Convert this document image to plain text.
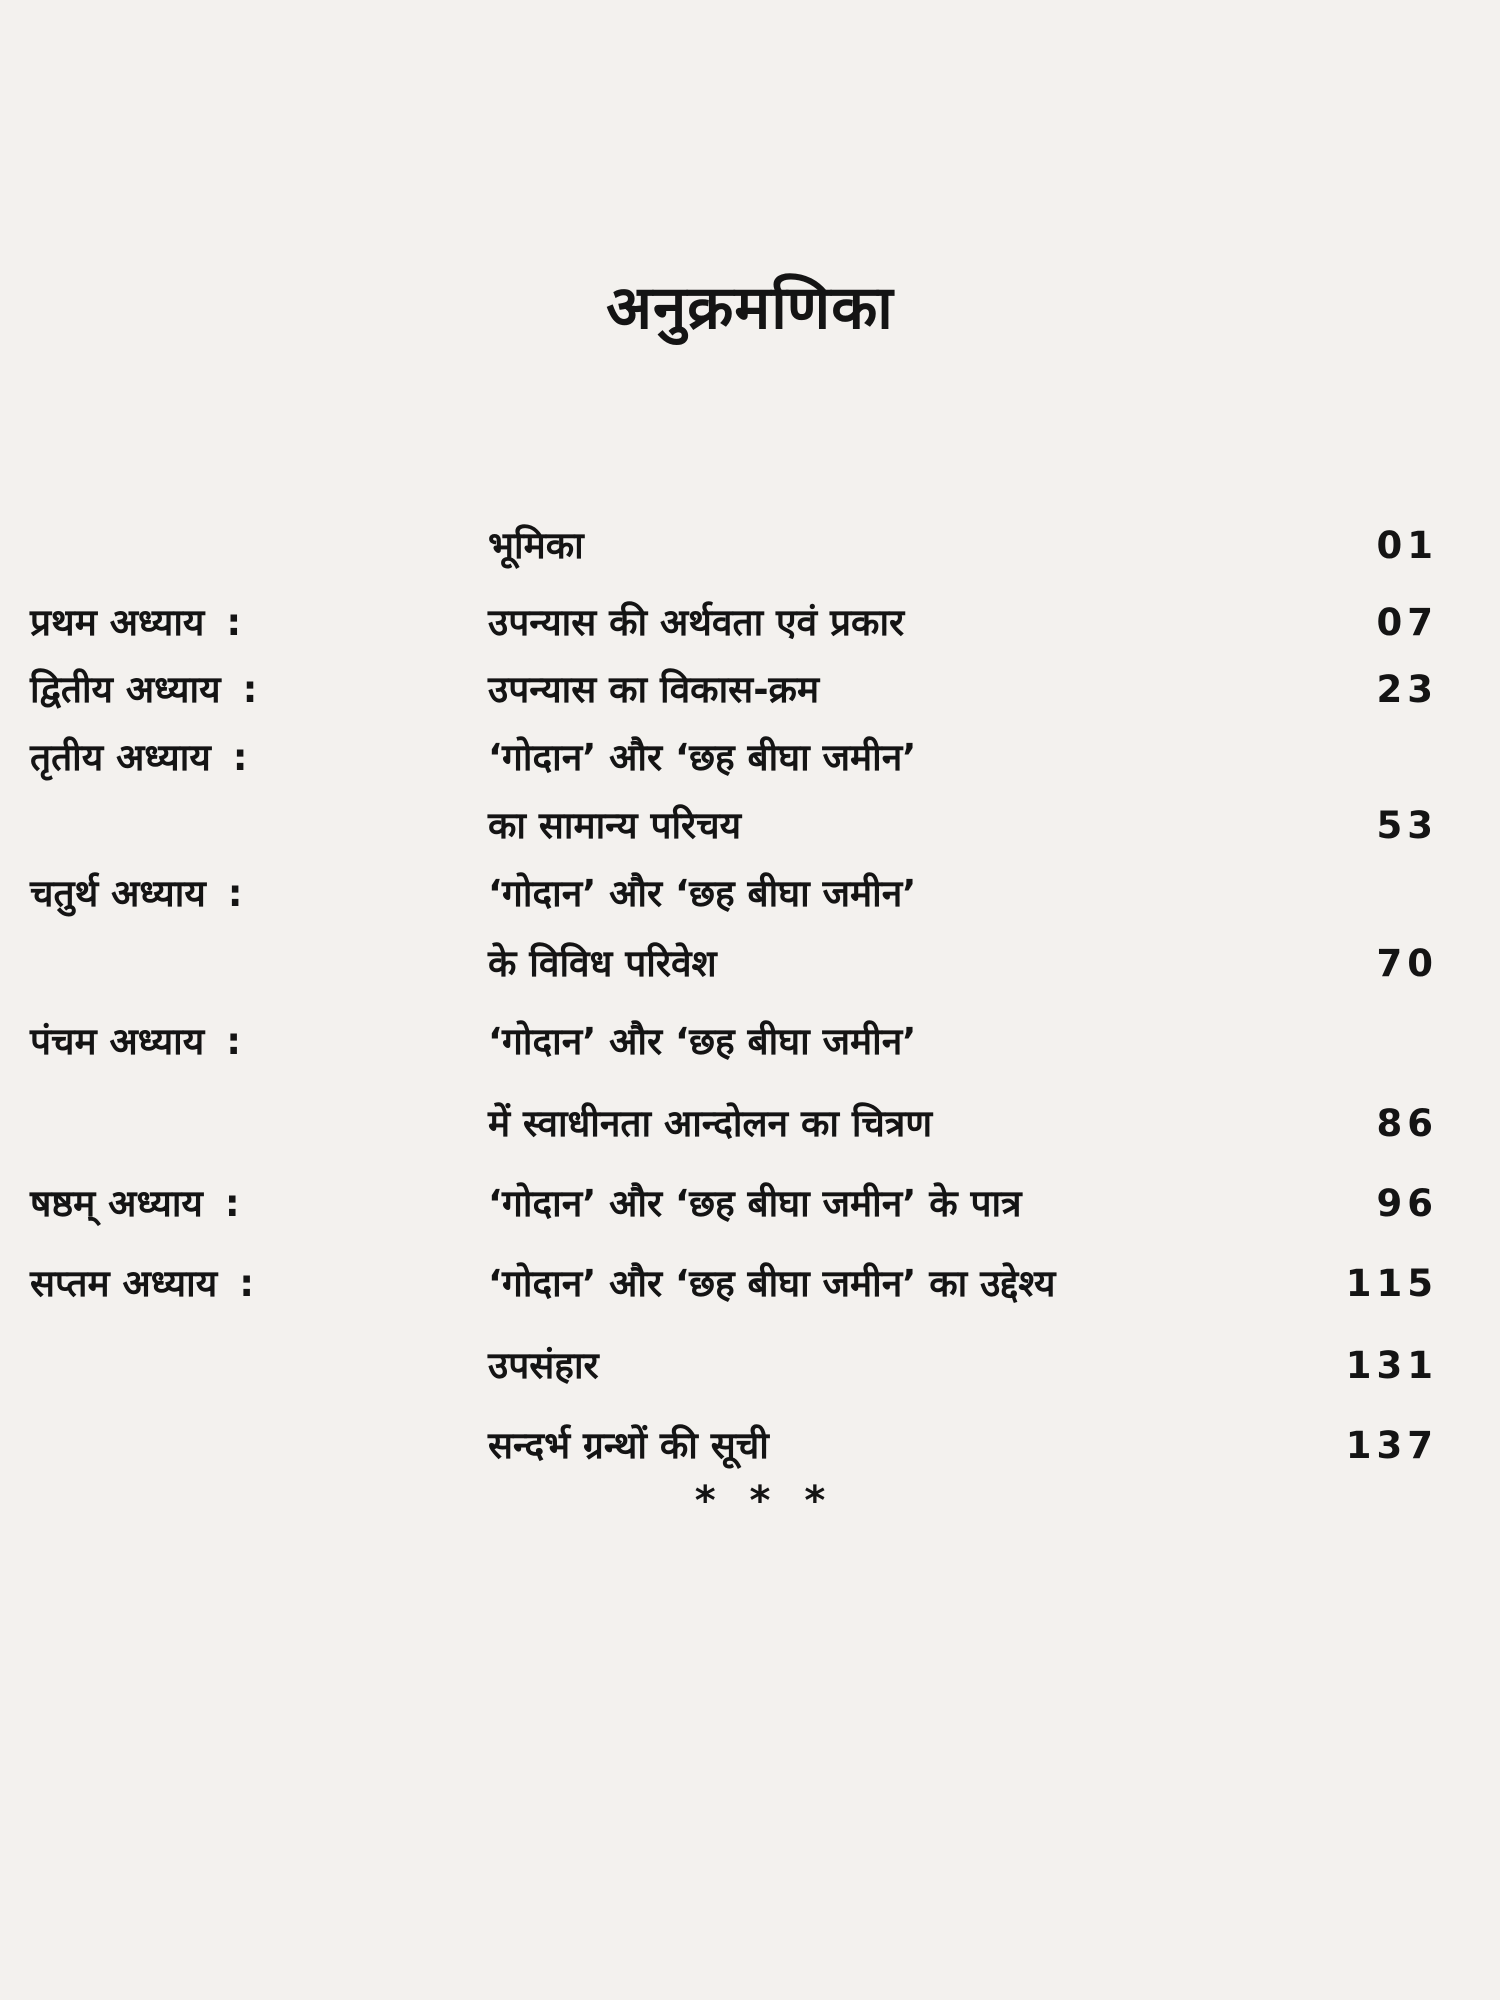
अनुक्रमणिका
भूमिका	01
प्रथम अध्याय :	उपन्यास की अर्थवता एवं प्रकार	07
द्वितीय अध्याय :	उपन्यास का विकास-क्रम	23
तृतीय अध्याय :	‘गोदान’ और ‘छह बीघा जमीन’
का सामान्य परिचय	53
चतुर्थ अध्याय :	‘गोदान’ और ‘छह बीघा जमीन’
के विविध परिवेश	70
पंचम अध्याय :	‘गोदान’ और ‘छह बीघा जमीन’
में स्वाधीनता आन्दोलन का चित्रण	86
षष्ठम् अध्याय :	‘गोदान’ और ‘छह बीघा जमीन’ के पात्र	96
सप्तम अध्याय :	‘गोदान’ और ‘छह बीघा जमीन’ का उद्देश्य	115
उपसंहार	131
सन्दर्भ ग्रन्थों की सूची	137
* * *
